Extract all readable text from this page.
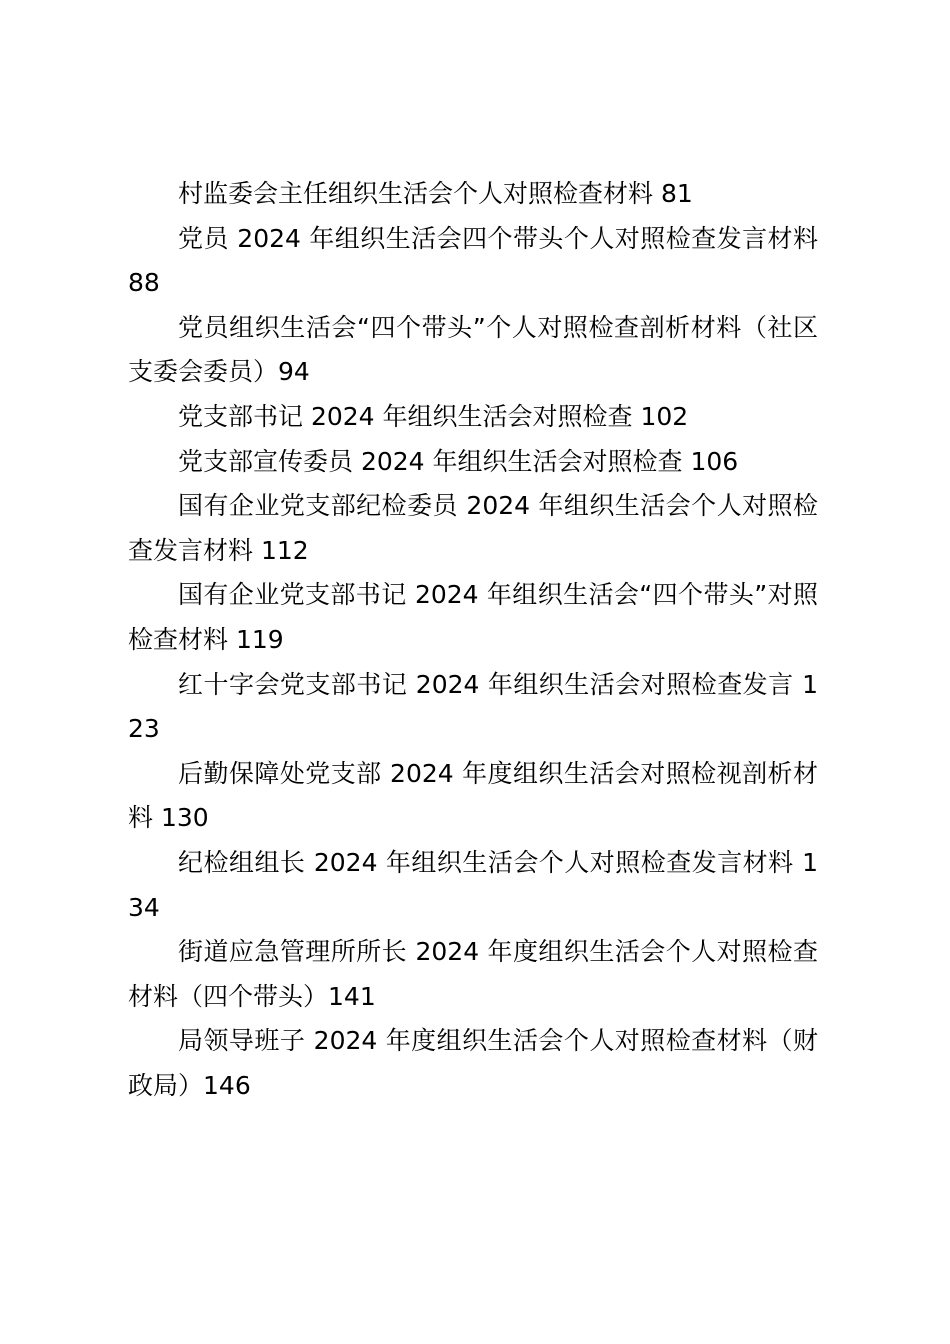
村监委会主任组织生活会个人对照检查材料 81

党员 2024 年组织生活会四个带头个人对照检查发言材料 88

党员组织生活会“四个带头”个人对照检查剖析材料（社区支委会委员）94

党支部书记 2024 年组织生活会对照检查 102

党支部宣传委员 2024 年组织生活会对照检查 106

国有企业党支部纪检委员 2024 年组织生活会个人对照检查发言材料 112

国有企业党支部书记 2024 年组织生活会“四个带头”对照检查材料 119

红十字会党支部书记 2024 年组织生活会对照检查发言 123

后勤保障处党支部 2024 年度组织生活会对照检视剖析材料 130

纪检组组长 2024 年组织生活会个人对照检查发言材料 134

街道应急管理所所长 2024 年度组织生活会个人对照检查材料（四个带头）141

局领导班子 2024 年度组织生活会个人对照检查材料（财政局）146
